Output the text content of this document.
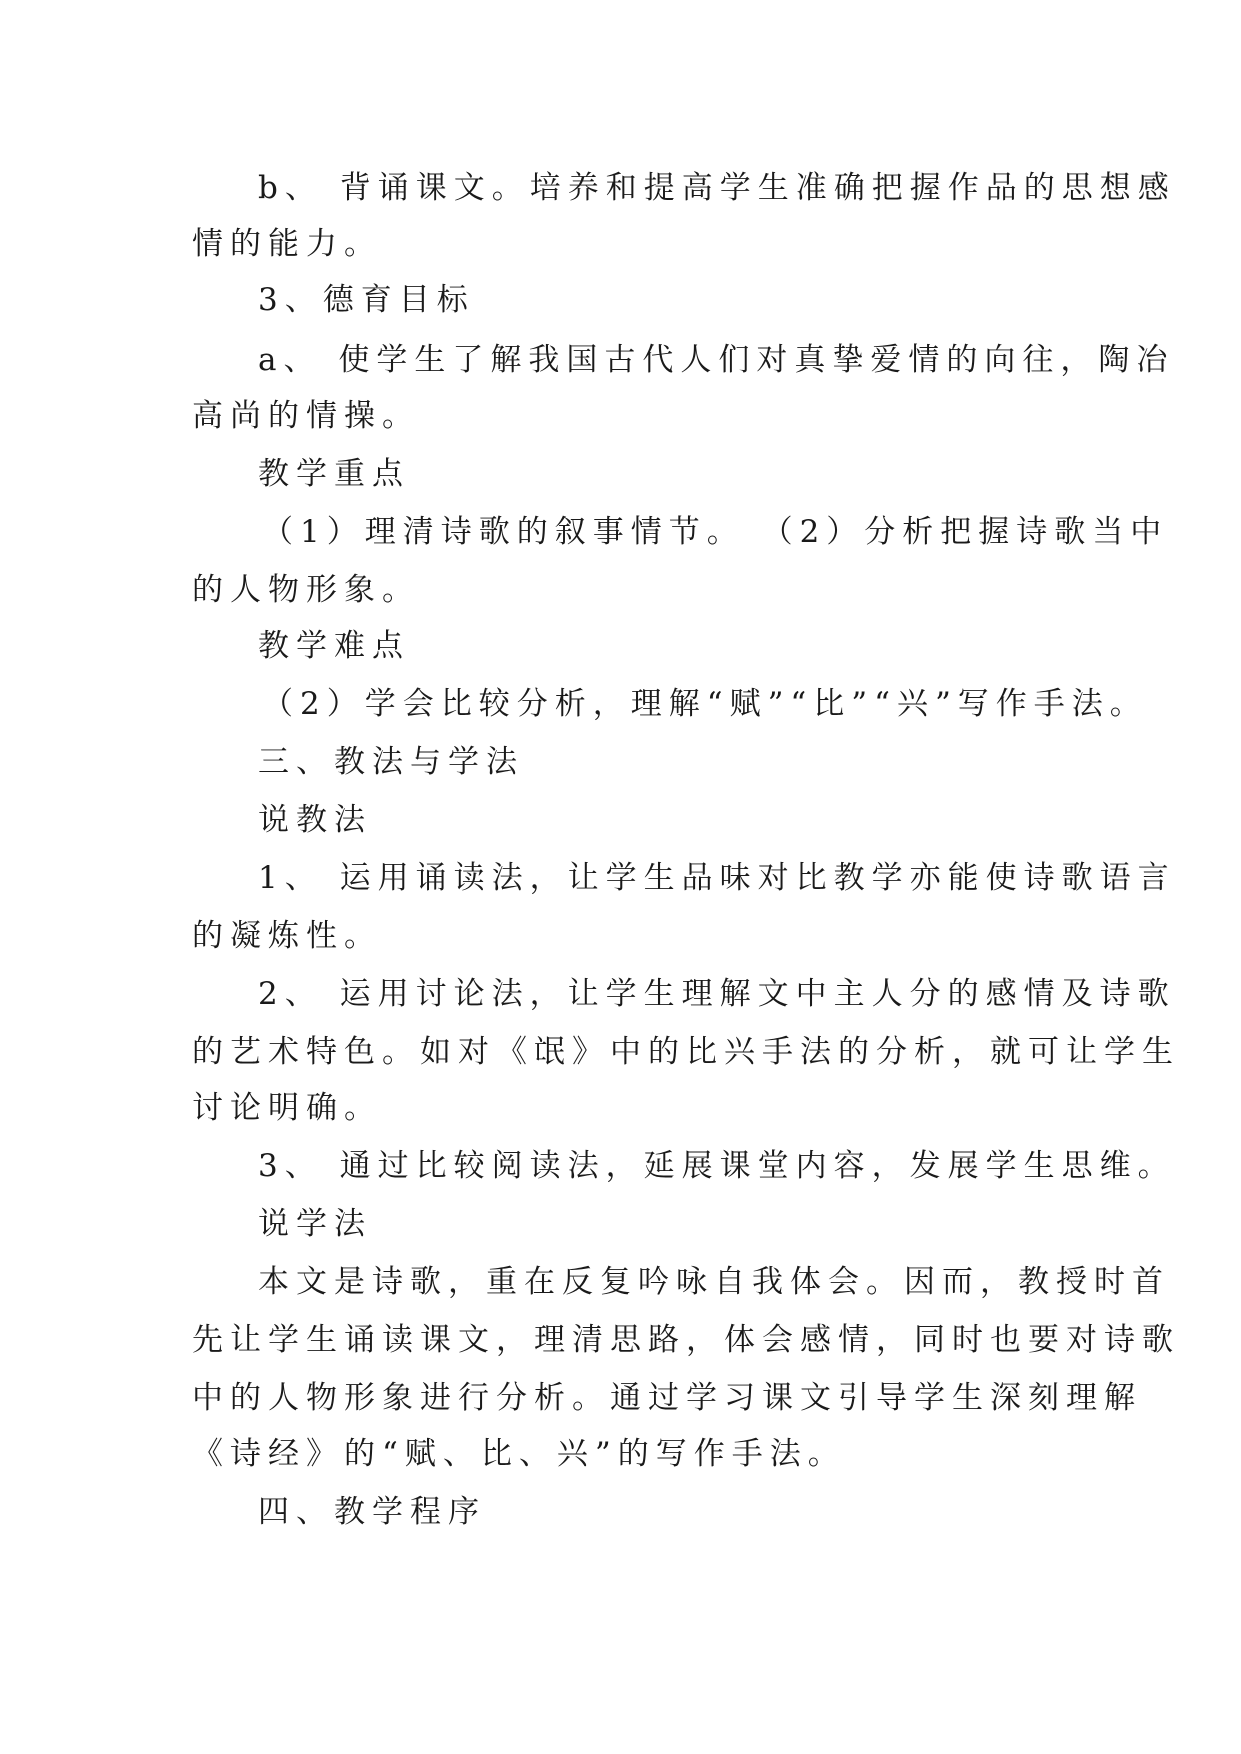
b、 背诵课文。培养和提高学生准确把握作品的思想感

情的能力。

3、德育目标

a、 使学生了解我国古代人们对真挚爱情的向往，陶冶

高尚的情操。

教学重点

（1）理清诗歌的叙事情节。 （2）分析把握诗歌当中

的人物形象。

教学难点

（2）学会比较分析，理解“赋”“比”“兴”写作手法。

三、教法与学法

说教法

1、 运用诵读法，让学生品味对比教学亦能使诗歌语言

的凝炼性。

2、 运用讨论法，让学生理解文中主人分的感情及诗歌

的艺术特色。如对《氓》中的比兴手法的分析，就可让学生

讨论明确。

3、 通过比较阅读法，延展课堂内容，发展学生思维。

说学法

本文是诗歌，重在反复吟咏自我体会。因而，教授时首

先让学生诵读课文，理清思路，体会感情，同时也要对诗歌

中的人物形象进行分析。通过学习课文引导学生深刻理解

《诗经》的“赋、比、兴”的写作手法。

四、教学程序
